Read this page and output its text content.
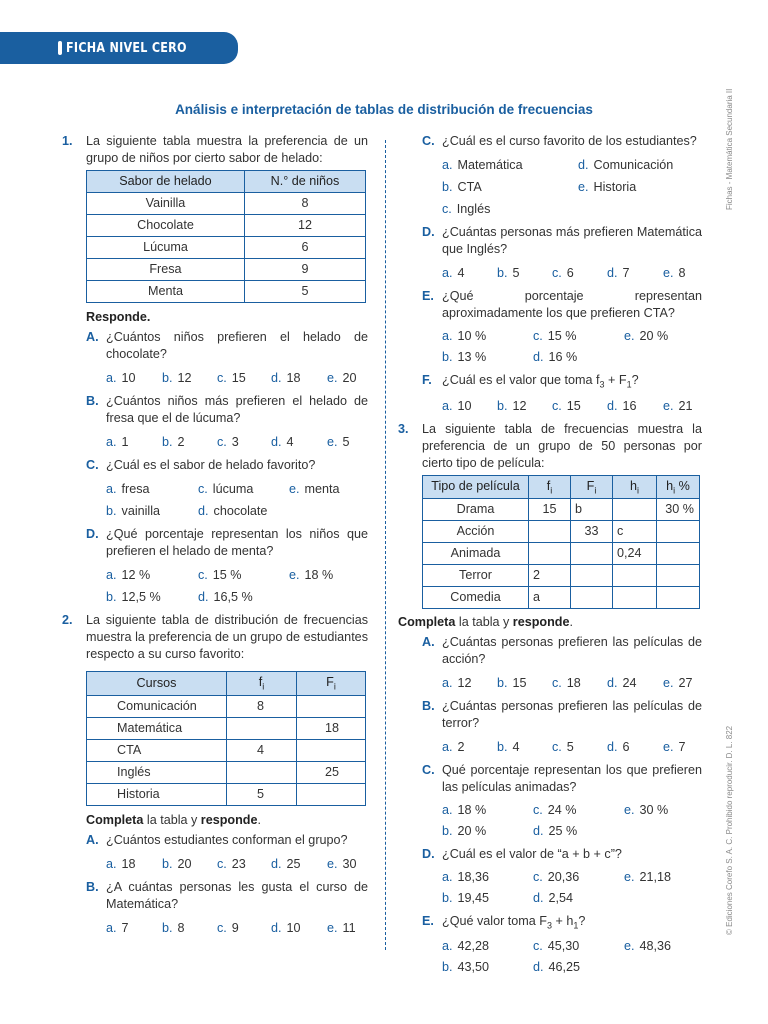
FICHA NIVEL CERO
Fichas - Matemática Secundaria II
© Ediciones Corefo S. A. C. Prohibido reproducir. D. L. 822
Análisis e interpretación de tablas de distribución de frecuencias
1.	La siguiente tabla muestra la preferencia de un grupo de niños por cierto sabor de helado:
Sabor de helado	N.° de niños
Vainilla	8
Chocolate	12
Lúcuma	6
Fresa	9
Menta	5
Responde.
A. ¿Cuántos niños prefieren el helado de chocolate?
a. 10	b. 12	c. 15	d. 18	e. 20
B. ¿Cuántos niños más prefieren el helado de fresa que el de lúcuma?
a. 1	b. 2	c. 3	d. 4	e. 5
C. ¿Cuál es el sabor de helado favorito?
a. fresa	c. lúcuma	e. menta
b. vainilla	d. chocolate
D. ¿Qué porcentaje representan los niños que prefieren el helado de menta?
a. 12 %	c. 15 %	e. 18 %
b. 12,5 %	d. 16,5 %
2.	La siguiente tabla de distribución de frecuencias muestra la preferencia de un grupo de estudiantes respecto a su curso favorito:
Cursos	$f_i$	$F_i$
Comunicación	8	
Matemática		18
CTA	4	
Inglés		25
Historia	5	
Completa la tabla y responde.
A. ¿Cuántos estudiantes conforman el grupo?
a. 18	b. 20	c. 23	d. 25	e. 30
B. ¿A cuántas personas les gusta el curso de Matemática?
a. 7	b. 8	c. 9	d. 10	e. 11
C. ¿Cuál es el curso favorito de los estudiantes?
a. Matemática	d. Comunicación
b. CTA	e. Historia
c. Inglés
D. ¿Cuántas personas más prefieren Matemática que Inglés?
a. 4	b. 5	c. 6	d. 7	e. 8
E. ¿Qué porcentaje representan aproximadamente los que prefieren CTA?
a. 10 %	c. 15 %	e. 20 %
b. 13 %	d. 16 %
F. ¿Cuál es el valor que toma $f_3 + F_1$?
a. 10	b. 12	c. 15	d. 16	e. 21
3.	La siguiente tabla de frecuencias muestra la preferencia de un grupo de 50 personas por cierto tipo de película:
Tipo de película	$f_i$	$F_i$	$h_i$	$h_i$ %
Drama	15	b		30 %
Acción		33	c	
Animada			0,24	
Terror	2			
Comedia	a			
Completa la tabla y responde.
A. ¿Cuántas personas prefieren las películas de acción?
a. 12	b. 15	c. 18	d. 24	e. 27
B. ¿Cuántas personas prefieren las películas de terror?
a. 2	b. 4	c. 5	d. 6	e. 7
C. Qué porcentaje representan los que prefieren las películas animadas?
a. 18 %	c. 24 %	e. 30 %
b. 20 %	d. 25 %
D. ¿Cuál es el valor de “a + b + c”?
a. 18,36	c. 20,36	e. 21,18
b. 19,45	d. 2,54
E. ¿Qué valor toma $F_3 + h_1$?
a. 42,28	c. 45,30	e. 48,36
b. 43,50	d. 46,25
